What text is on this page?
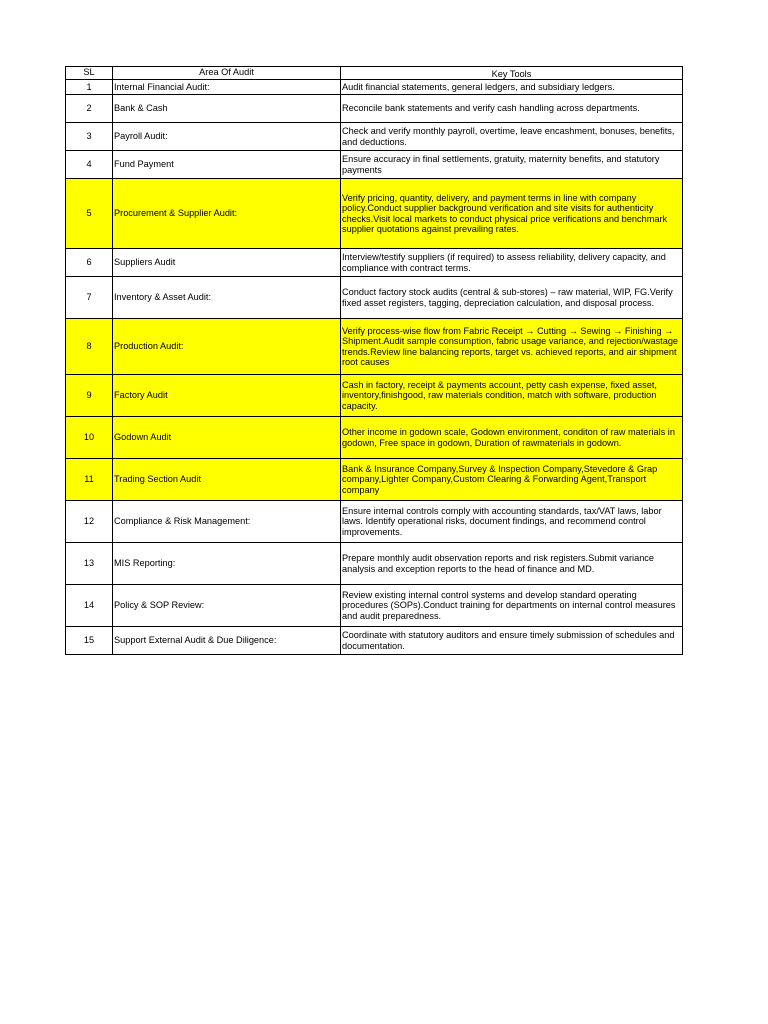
SL	Area Of Audit	Key Tools
1	Internal Financial Audit:	Audit financial statements, general ledgers, and subsidiary ledgers.
2	Bank & Cash	Reconcile bank statements and verify cash handling across departments.
3	Payroll Audit:	Check and verify monthly payroll, overtime, leave encashment, bonuses, benefits, and deductions.
4	Fund Payment	Ensure accuracy in final settlements, gratuity, maternity benefits, and statutory payments
5	Procurement & Supplier Audit:	Verify pricing, quantity, delivery, and payment terms in line with company policy.Conduct supplier background verification and site visits for authenticity checks.Visit local markets to conduct physical price verifications and benchmark supplier quotations against prevailing rates.
6	Suppliers Audit	Interview/testify suppliers (if required) to assess reliability, delivery capacity, and compliance with contract terms.
7	Inventory & Asset Audit:	Conduct factory stock audits (central & sub-stores) – raw material, WIP, FG.Verify fixed asset registers, tagging, depreciation calculation, and disposal process.
8	Production Audit:	Verify process-wise flow from Fabric Receipt → Cutting → Sewing → Finishing → Shipment.Audit sample consumption, fabric usage variance, and rejection/wastage trends.Review line balancing reports, target vs. achieved reports, and air shipment root causes
9	Factory Audit	Cash in factory, receipt & payments account, petty cash expense, fixed asset, inventory,finishgood, raw materials condition, match with software, production capacity.
10	Godown Audit	Other income in godown scale, Godown environment, conditon of raw materials in godown, Free space in godown, Duration of rawmaterials in godown.
11	Trading Section Audit	Bank & Insurance Company,Survey & Inspection Company,Stevedore & Grap company,Lighter Company,Custom Clearing & Forwarding Agent,Transport company
12	Compliance & Risk Management:	Ensure internal controls comply with accounting standards, tax/VAT laws, labor laws. Identify operational risks, document findings, and recommend control improvements.
13	MIS Reporting:	Prepare monthly audit observation reports and risk registers.Submit variance analysis and exception reports to the head of finance and MD.
14	Policy & SOP Review:	Review existing internal control systems and develop standard operating procedures (SOPs).Conduct training for departments on internal control measures and audit preparedness.
15	Support External Audit & Due Diligence:	Coordinate with statutory auditors and ensure timely submission of schedules and documentation.
